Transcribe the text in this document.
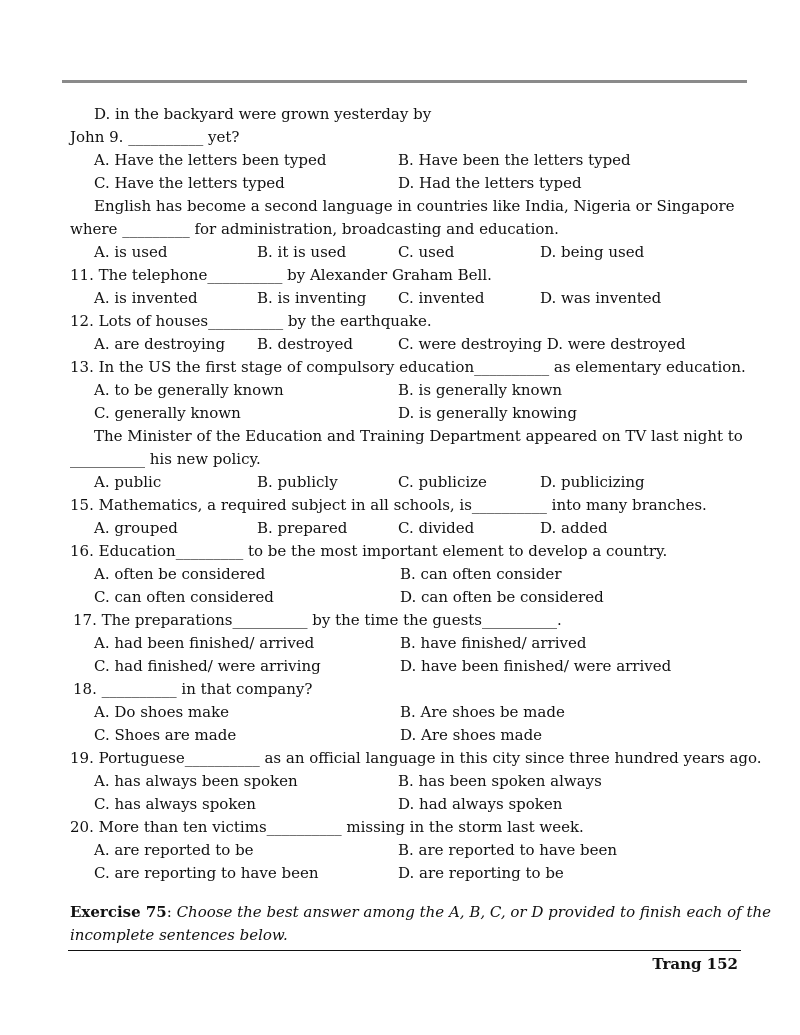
D. in the backyard were grown yesterday by
John 9. __________ yet?
A. Have the letters been typed	B. Have been the letters typed
C. Have the letters typed	D. Had the letters typed
English has become a second language in countries like India, Nigeria or Singapore
where _________ for administration, broadcasting and education.
A. is used	B. it is used	C. used	D. being used
11. The telephone__________ by Alexander Graham Bell.
A. is invented	B. is inventing C. invented	D. was invented
12. Lots of houses__________ by the earthquake.
A. are destroying B. destroyed	C. were destroying D. were destroyed
13. In the US the first stage of compulsory education__________ as elementary education.
A. to be generally known	B. is generally known
C. generally known	D. is generally knowing
The Minister of the Education and Training Department appeared on TV last night to
__________ his new policy.
A. public	B. publicly	C. publicize	D. publicizing
15. Mathematics, a required subject in all schools, is__________ into many branches.
A. grouped	B. prepared	C. divided	D. added
16. Education_________ to be the most important element to develop a country.
A. often be considered	B. can often consider
C. can often considered	D. can often be considered
17. The preparations__________ by the time the guests__________.
A. had been finished/ arrived	B. have finished/ arrived
C. had finished/ were arriving	D. have been finished/ were arrived
18. __________ in that company?
A. Do shoes make	B. Are shoes be made
C. Shoes are made	D. Are shoes made
19. Portuguese__________ as an official language in this city since three hundred years ago.
A. has always been spoken	B. has been spoken always
C. has always spoken	D. had always spoken
20. More than ten victims__________ missing in the storm last week.
A. are reported to be	B. are reported to have been
C. are reporting to have been	D. are reporting to be
Exercise 75: Choose the best answer among the A, B, C, or D provided to finish each of the
incomplete sentences below.
Trang 152
